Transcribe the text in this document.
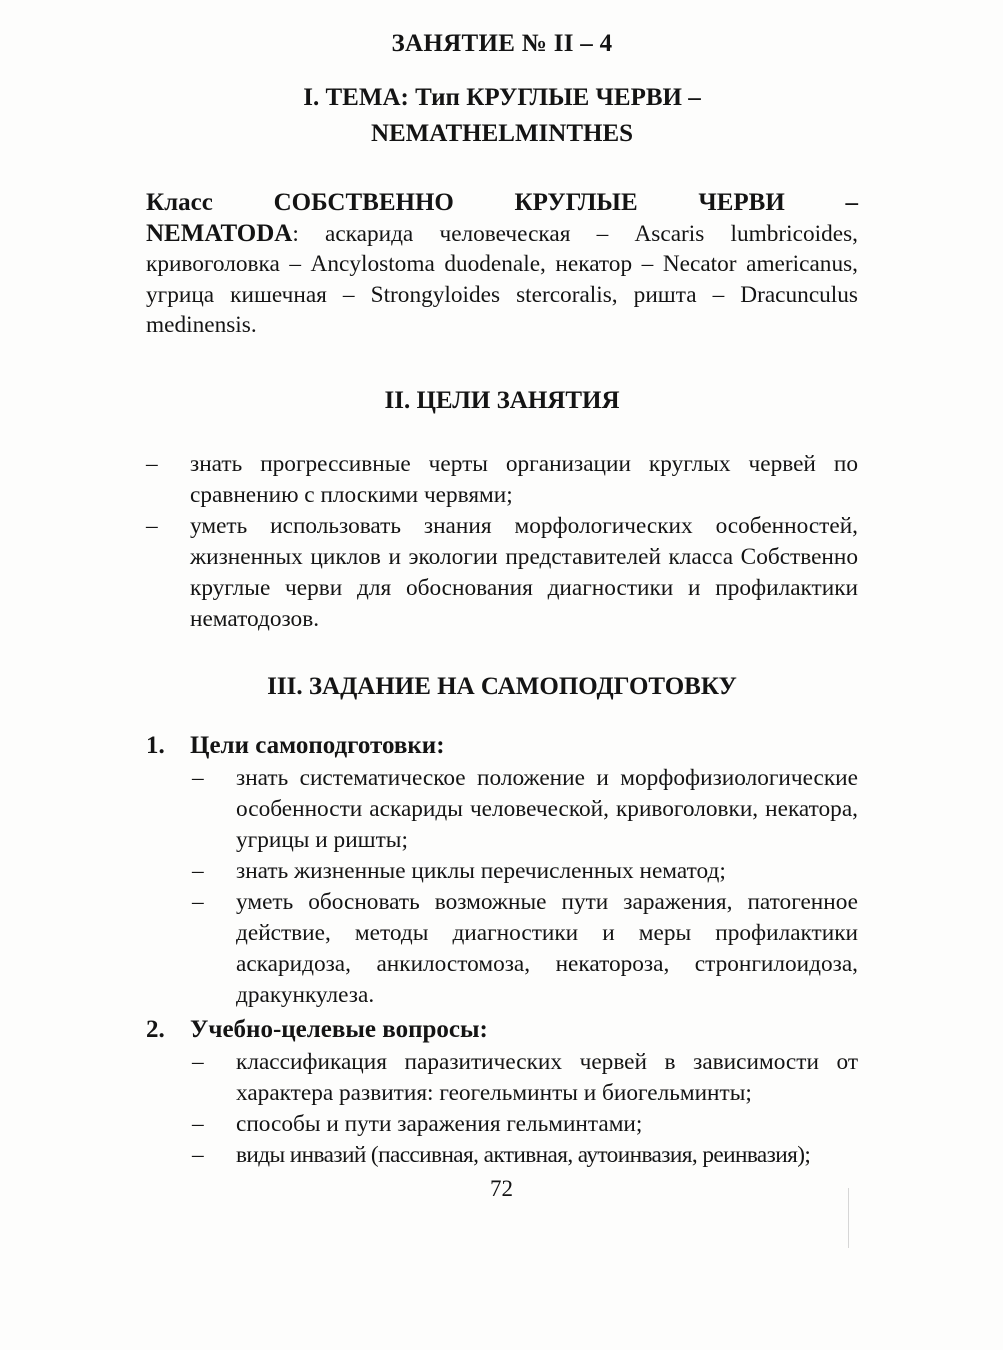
ЗАНЯТИЕ № II – 4
I. ТЕМА: Тип КРУГЛЫЕ ЧЕРВИ –
NEMATHELMINTHES
Класс СОБСТВЕННО КРУГЛЫЕ ЧЕРВИ –
NEMATODA: аскарида человеческая – Ascaris lumbricoides, кривоголовка – Ancylostoma duodenale, некатор – Necator americanus, угрица кишечная – Strongyloides stercoralis, ришта – Dracunculus medinensis.
II. ЦЕЛИ ЗАНЯТИЯ
– знать прогрессивные черты организации круглых червей по сравнению с плоскими червями;
– уметь использовать знания морфологических особенностей, жизненных циклов и экологии представителей класса Собственно круглые черви для обоснования диагностики и профилактики нематодозов.
III. ЗАДАНИЕ НА САМОПОДГОТОВКУ
1. Цели самоподготовки:
– знать систематическое положение и морфофизиологические особенности аскариды человеческой, кривоголовки, некатора, угрицы и ришты;
– знать жизненные циклы перечисленных нематод;
– уметь обосновать возможные пути заражения, патогенное действие, методы диагностики и меры профилактики аскаридоза, анкилостомоза, некатороза, стронгилоидоза, дракункулеза.
2. Учебно-целевые вопросы:
– классификация паразитических червей в зависимости от характера развития: геогельминты и биогельминты;
– способы и пути заражения гельминтами;
– виды инвазий (пассивная, активная, аутоинвазия, реинвазия);
72
